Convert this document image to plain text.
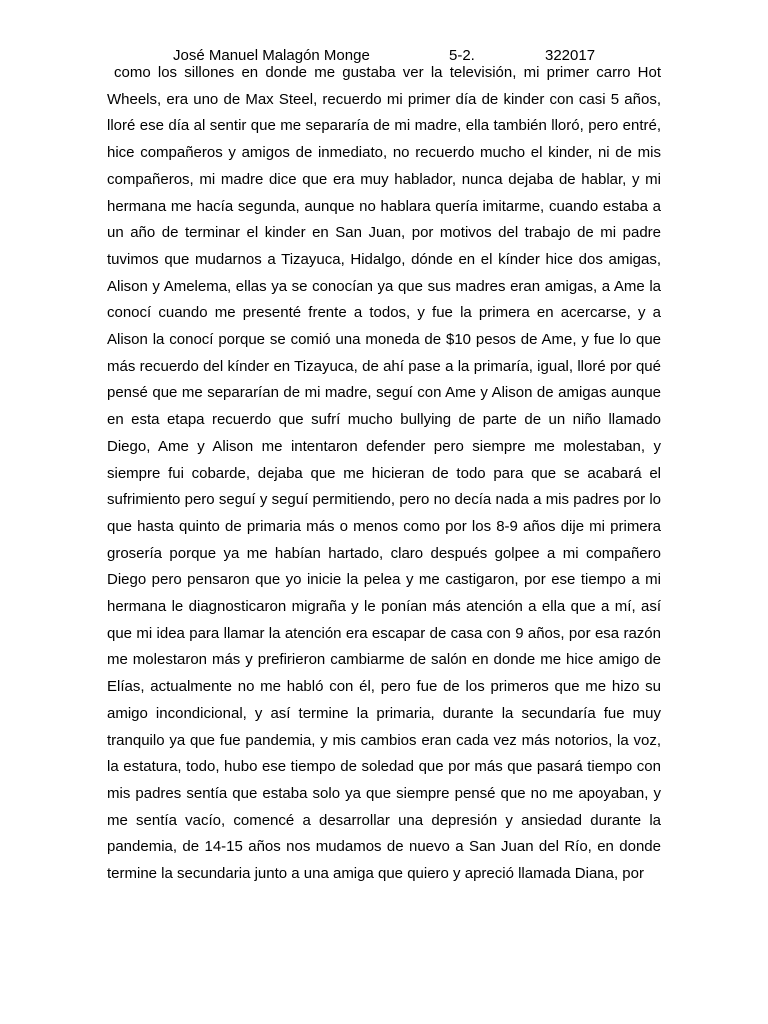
José Manuel Malagón Monge	5-2.	322017

como los sillones en donde me gustaba ver la televisión, mi primer carro Hot Wheels, era uno de Max Steel, recuerdo mi primer día de kinder con casi 5 años, lloré ese día al sentir que me separaría de mi madre, ella también lloró, pero entré, hice compañeros y amigos de inmediato, no recuerdo mucho el kinder, ni de mis compañeros, mi madre dice que era muy hablador, nunca dejaba de hablar, y mi hermana me hacía segunda, aunque no hablara quería imitarme, cuando estaba a un año de terminar el kinder en San Juan, por motivos del trabajo de mi padre tuvimos que mudarnos a Tizayuca, Hidalgo, dónde en el kínder hice dos amigas, Alison y Amelema, ellas ya se conocían ya que sus madres eran amigas, a Ame la conocí cuando me presenté frente a todos, y fue la primera en acercarse, y a Alison la conocí porque se comió una moneda de $10 pesos de Ame, y fue lo que más recuerdo del kínder en Tizayuca, de ahí pase a la primaría, igual, lloré por qué pensé que me separarían de mi madre, seguí con Ame y Alison de amigas aunque en esta etapa recuerdo que sufrí mucho bullying de parte de un niño llamado Diego, Ame y Alison me intentaron defender pero siempre me molestaban, y siempre fui cobarde, dejaba que me hicieran de todo para que se acabará el sufrimiento pero seguí y seguí permitiendo, pero no decía nada a mis padres por lo que hasta quinto de primaria más o menos como por los 8-9 años dije mi primera grosería porque ya me habían hartado, claro después golpee a mi compañero Diego pero pensaron que yo inicie la pelea y me castigaron, por ese tiempo a mi hermana le diagnosticaron migraña y le ponían más atención a ella que a mí, así que mi idea para llamar la atención era escapar de casa con 9 años, por esa razón me molestaron más y prefirieron cambiarme de salón en donde me hice amigo de Elías, actualmente no me habló con él, pero fue de los primeros que me hizo su amigo incondicional, y así termine la primaria, durante la secundaría fue muy tranquilo ya que fue pandemia, y mis cambios eran cada vez más notorios, la voz, la estatura, todo, hubo ese tiempo de soledad que por más que pasará tiempo con mis padres sentía que estaba solo ya que siempre pensé que no me apoyaban, y me sentía vacío, comencé a desarrollar una depresión y ansiedad durante la pandemia, de 14-15 años nos mudamos de nuevo a San Juan del Río, en donde termine la secundaria junto a una amiga que quiero y apreció llamada Diana, por
